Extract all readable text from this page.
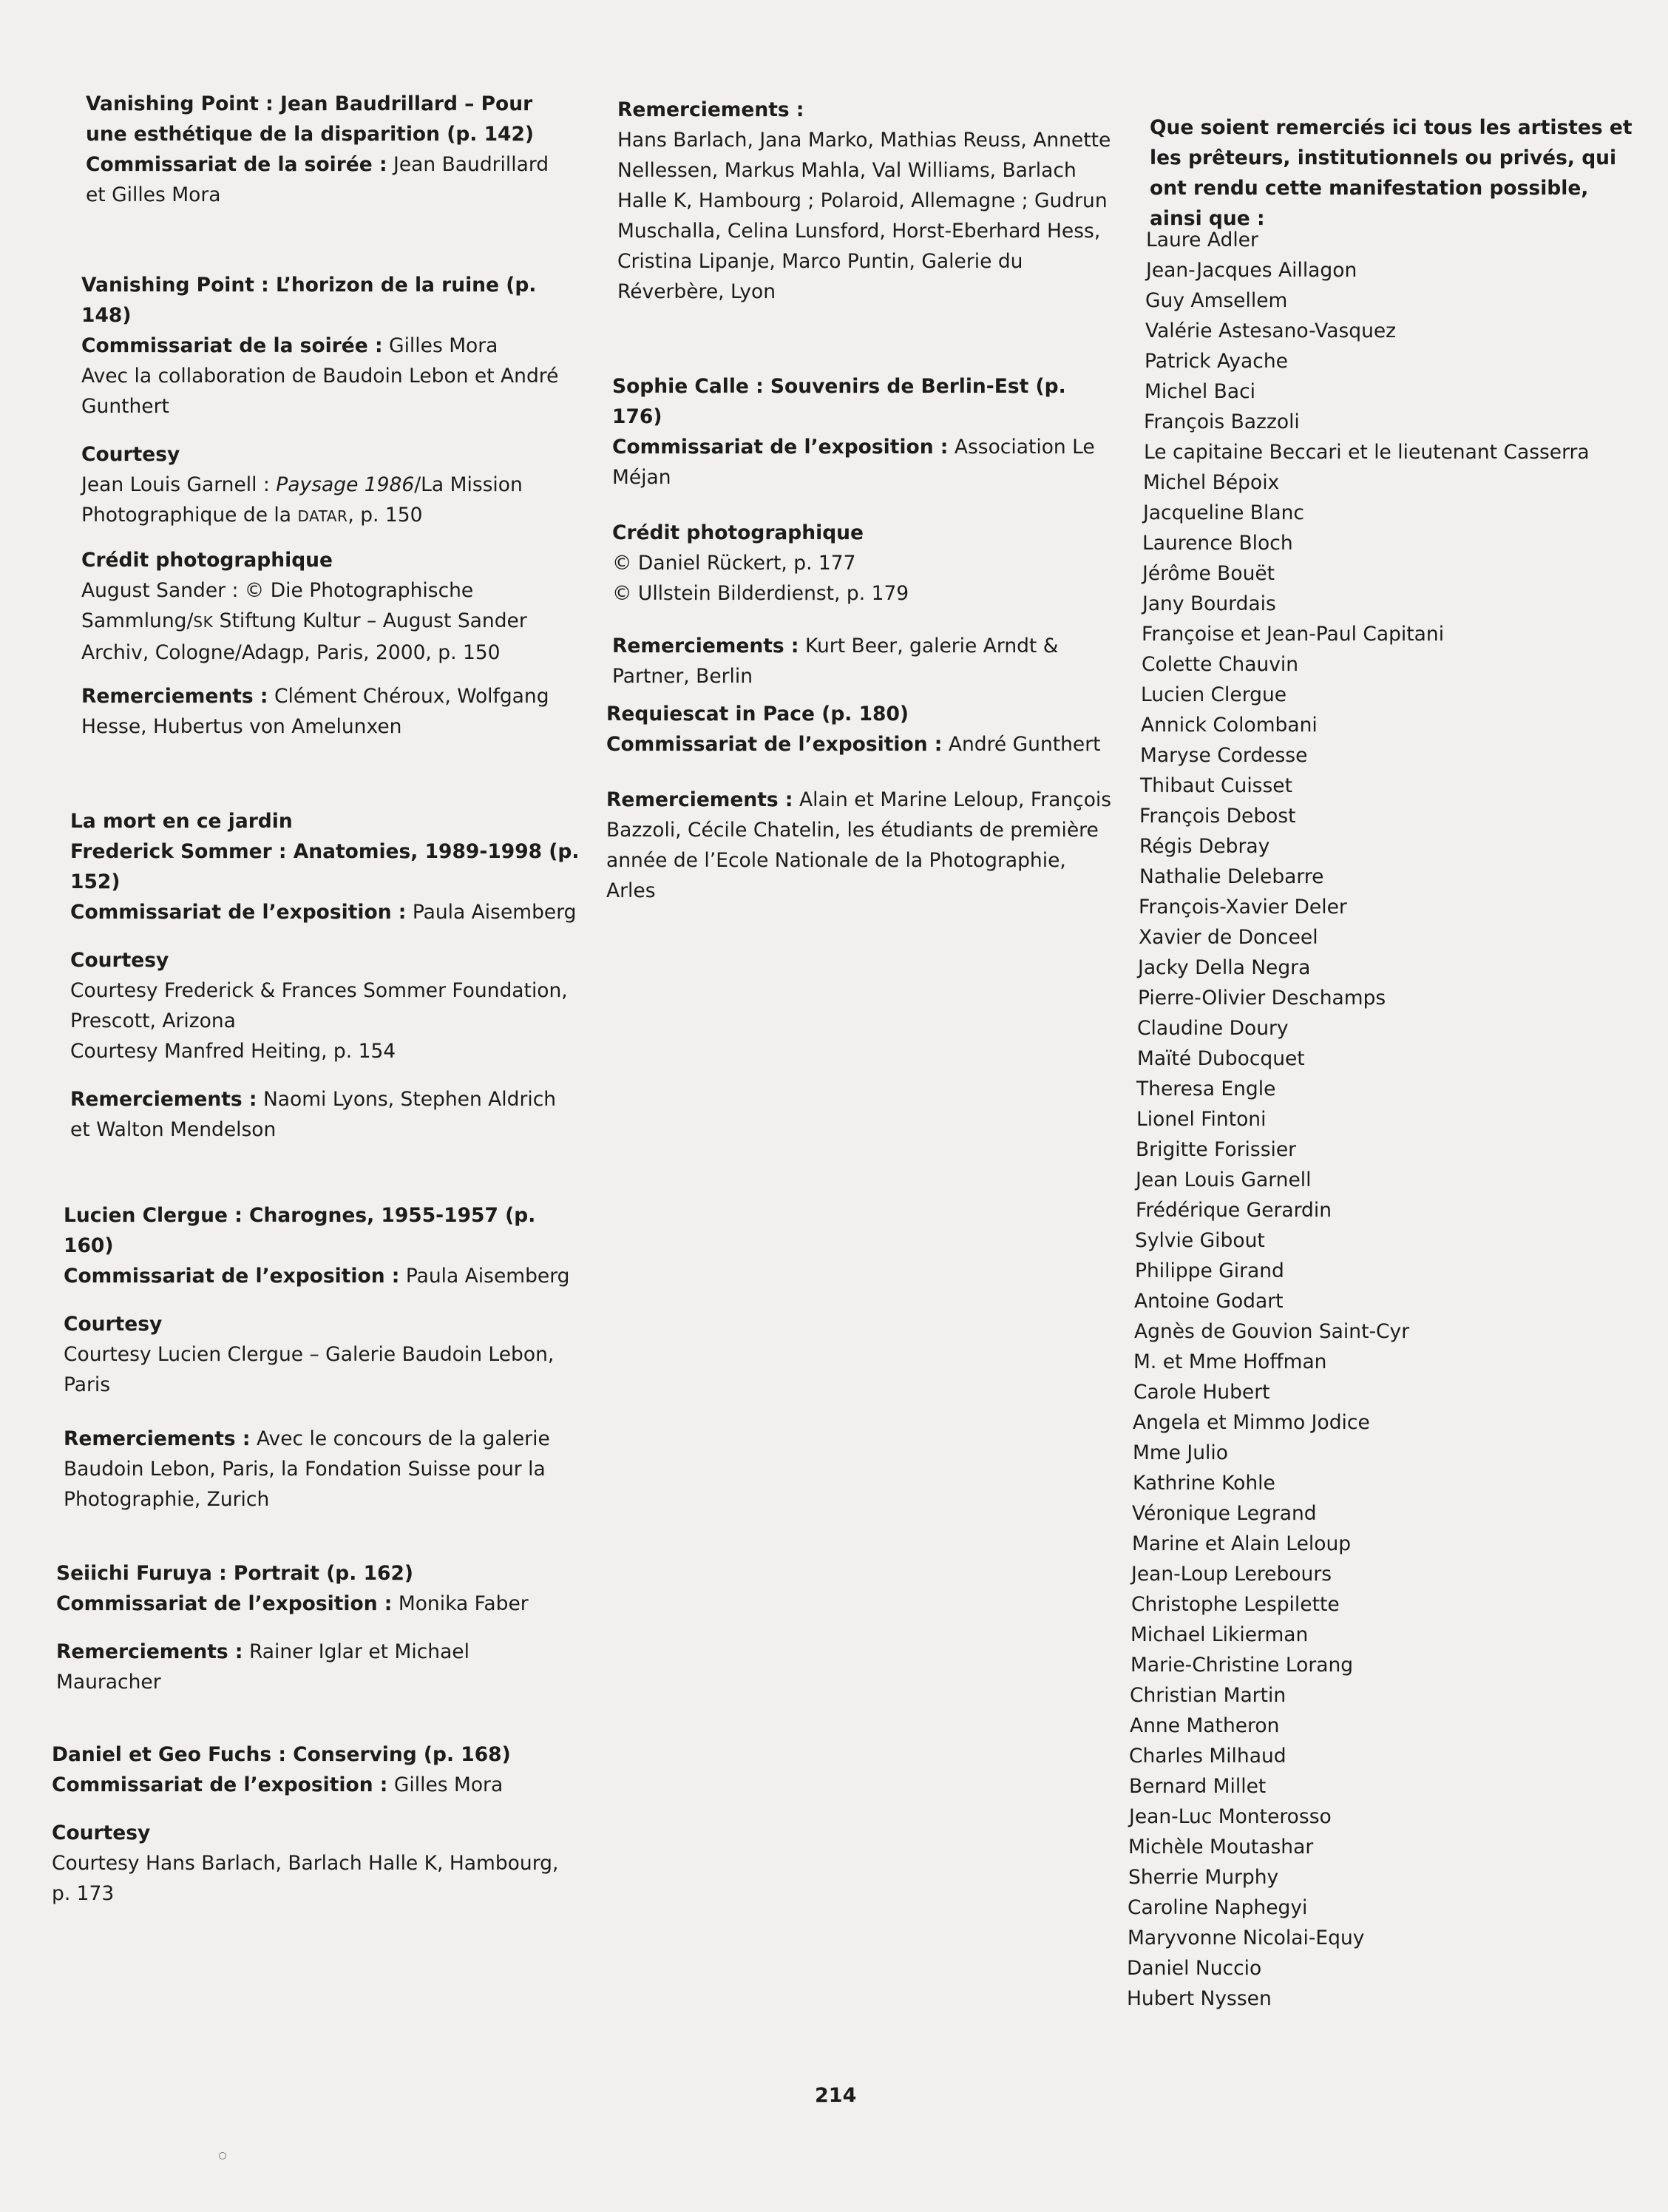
Vanishing Point : Jean Baudrillard – Pour une esthétique de la disparition (p. 142)

Commissariat de la soirée : Jean Baudrillard et Gilles Mora

Vanishing Point : L’horizon de la ruine (p. 148)

Commissariat de la soirée : Gilles Mora

Avec la collaboration de Baudoin Lebon et André Gunthert

Courtesy

Jean Louis Garnell : Paysage 1986/La Mission Photographique de la DATAR, p. 150

Crédit photographique

August Sander : © Die Photographische Sammlung/SK Stiftung Kultur – August Sander Archiv, Cologne/Adagp, Paris, 2000, p. 150

Remerciements : Clément Chéroux, Wolfgang Hesse, Hubertus von Amelunxen

La mort en ce jardin

Frederick Sommer : Anatomies, 1989-1998 (p. 152)

Commissariat de l’exposition : Paula Aisemberg

Courtesy

Courtesy Frederick & Frances Sommer Foundation, Prescott, Arizona

Courtesy Manfred Heiting, p. 154

Remerciements : Naomi Lyons, Stephen Aldrich et Walton Mendelson

Lucien Clergue : Charognes, 1955-1957 (p. 160)

Commissariat de l’exposition : Paula Aisemberg

Courtesy

Courtesy Lucien Clergue – Galerie Baudoin Lebon, Paris

Remerciements : Avec le concours de la galerie Baudoin Lebon, Paris, la Fondation Suisse pour la Photographie, Zurich

Seiichi Furuya : Portrait (p. 162)

Commissariat de l’exposition : Monika Faber

Remerciements : Rainer Iglar et Michael Mauracher

Daniel et Geo Fuchs : Conserving (p. 168)

Commissariat de l’exposition : Gilles Mora

Courtesy

Courtesy Hans Barlach, Barlach Halle K, Hambourg, p. 173

Remerciements :

Hans Barlach, Jana Marko, Mathias Reuss, Annette Nellessen, Markus Mahla, Val Williams, Barlach Halle K, Hambourg ; Polaroid, Allemagne ; Gudrun Muschalla, Celina Lunsford, Horst-Eberhard Hess, Cristina Lipanje, Marco Puntin, Galerie du Réverbère, Lyon

Sophie Calle : Souvenirs de Berlin-Est (p. 176)

Commissariat de l’exposition : Association Le Méjan

Crédit photographique

© Daniel Rückert, p. 177

© Ullstein Bilderdienst, p. 179

Remerciements : Kurt Beer, galerie Arndt & Partner, Berlin

Requiescat in Pace (p. 180)

Commissariat de l’exposition : André Gunthert

Remerciements : Alain et Marine Leloup, François Bazzoli, Cécile Chatelin, les étudiants de première année de l’Ecole Nationale de la Photographie, Arles

Que soient remerciés ici tous les artistes et les prêteurs, institutionnels ou privés, qui ont rendu cette manifestation possible, ainsi que :

Laure Adler
Jean-Jacques Aillagon
Guy Amsellem
Valérie Astesano-Vasquez
Patrick Ayache
Michel Baci
François Bazzoli
Le capitaine Beccari et le lieutenant Casserra
Michel Bépoix
Jacqueline Blanc
Laurence Bloch
Jérôme Bouët
Jany Bourdais
Françoise et Jean-Paul Capitani
Colette Chauvin
Lucien Clergue
Annick Colombani
Maryse Cordesse
Thibaut Cuisset
François Debost
Régis Debray
Nathalie Delebarre
François-Xavier Deler
Xavier de Donceel
Jacky Della Negra
Pierre-Olivier Deschamps
Claudine Doury
Maïté Dubocquet
Theresa Engle
Lionel Fintoni
Brigitte Forissier
Jean Louis Garnell
Frédérique Gerardin
Sylvie Gibout
Philippe Girand
Antoine Godart
Agnès de Gouvion Saint-Cyr
M. et Mme Hoffman
Carole Hubert
Angela et Mimmo Jodice
Mme Julio
Kathrine Kohle
Véronique Legrand
Marine et Alain Leloup
Jean-Loup Lerebours
Christophe Lespilette
Michael Likierman
Marie-Christine Lorang
Christian Martin
Anne Matheron
Charles Milhaud
Bernard Millet
Jean-Luc Monterosso
Michèle Moutashar
Sherrie Murphy
Caroline Naphegyi
Maryvonne Nicolai-Equy
Daniel Nuccio
Hubert Nyssen
214
